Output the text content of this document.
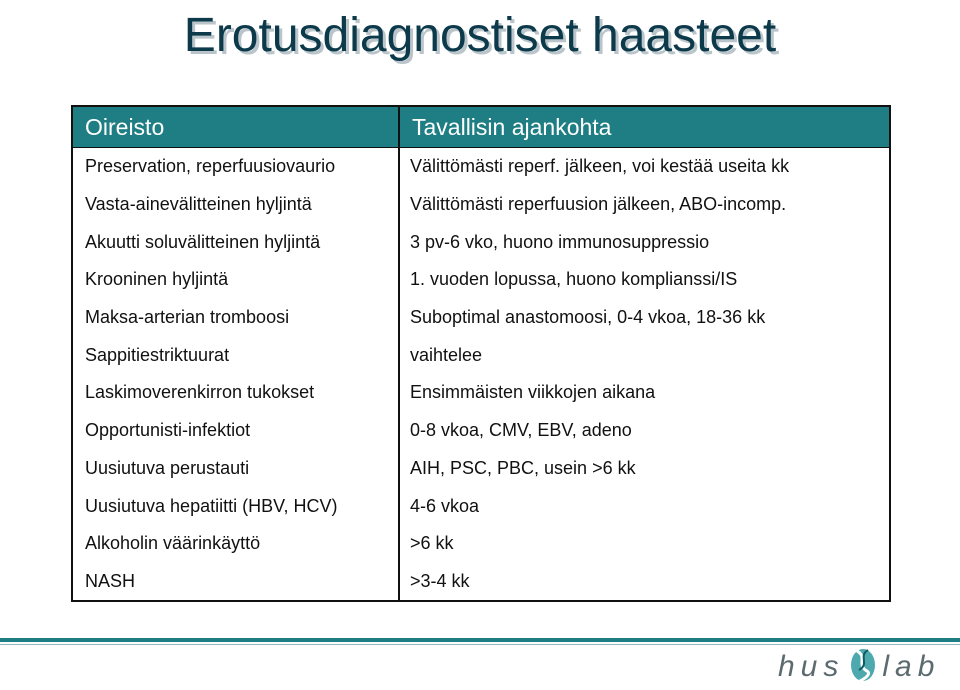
Erotusdiagnostiset haasteet
Oireisto	Tavallisin ajankohta
Preservation, reperfuusiovaurio	Välittömästi reperf. jälkeen, voi kestää useita kk
Vasta-ainevälitteinen hyljintä	Välittömästi reperfuusion jälkeen, ABO-incomp.
Akuutti soluvälitteinen hyljintä	3 pv-6 vko, huono immunosuppressio
Krooninen hyljintä	1. vuoden lopussa, huono komplianssi/IS
Maksa-arterian tromboosi	Suboptimal anastomoosi, 0-4 vkoa, 18-36 kk
Sappitiestriktuurat	vaihtelee
Laskimoverenkirron tukokset	Ensimmäisten viikkojen aikana
Opportunisti-infektiot	0-8 vkoa, CMV, EBV, adeno
Uusiutuva perustauti	AIH, PSC, PBC, usein >6 kk
Uusiutuva hepatiitti (HBV, HCV)	4-6 vkoa
Alkoholin väärinkäyttö	>6 kk
NASH	>3-4 kk
hus lab
